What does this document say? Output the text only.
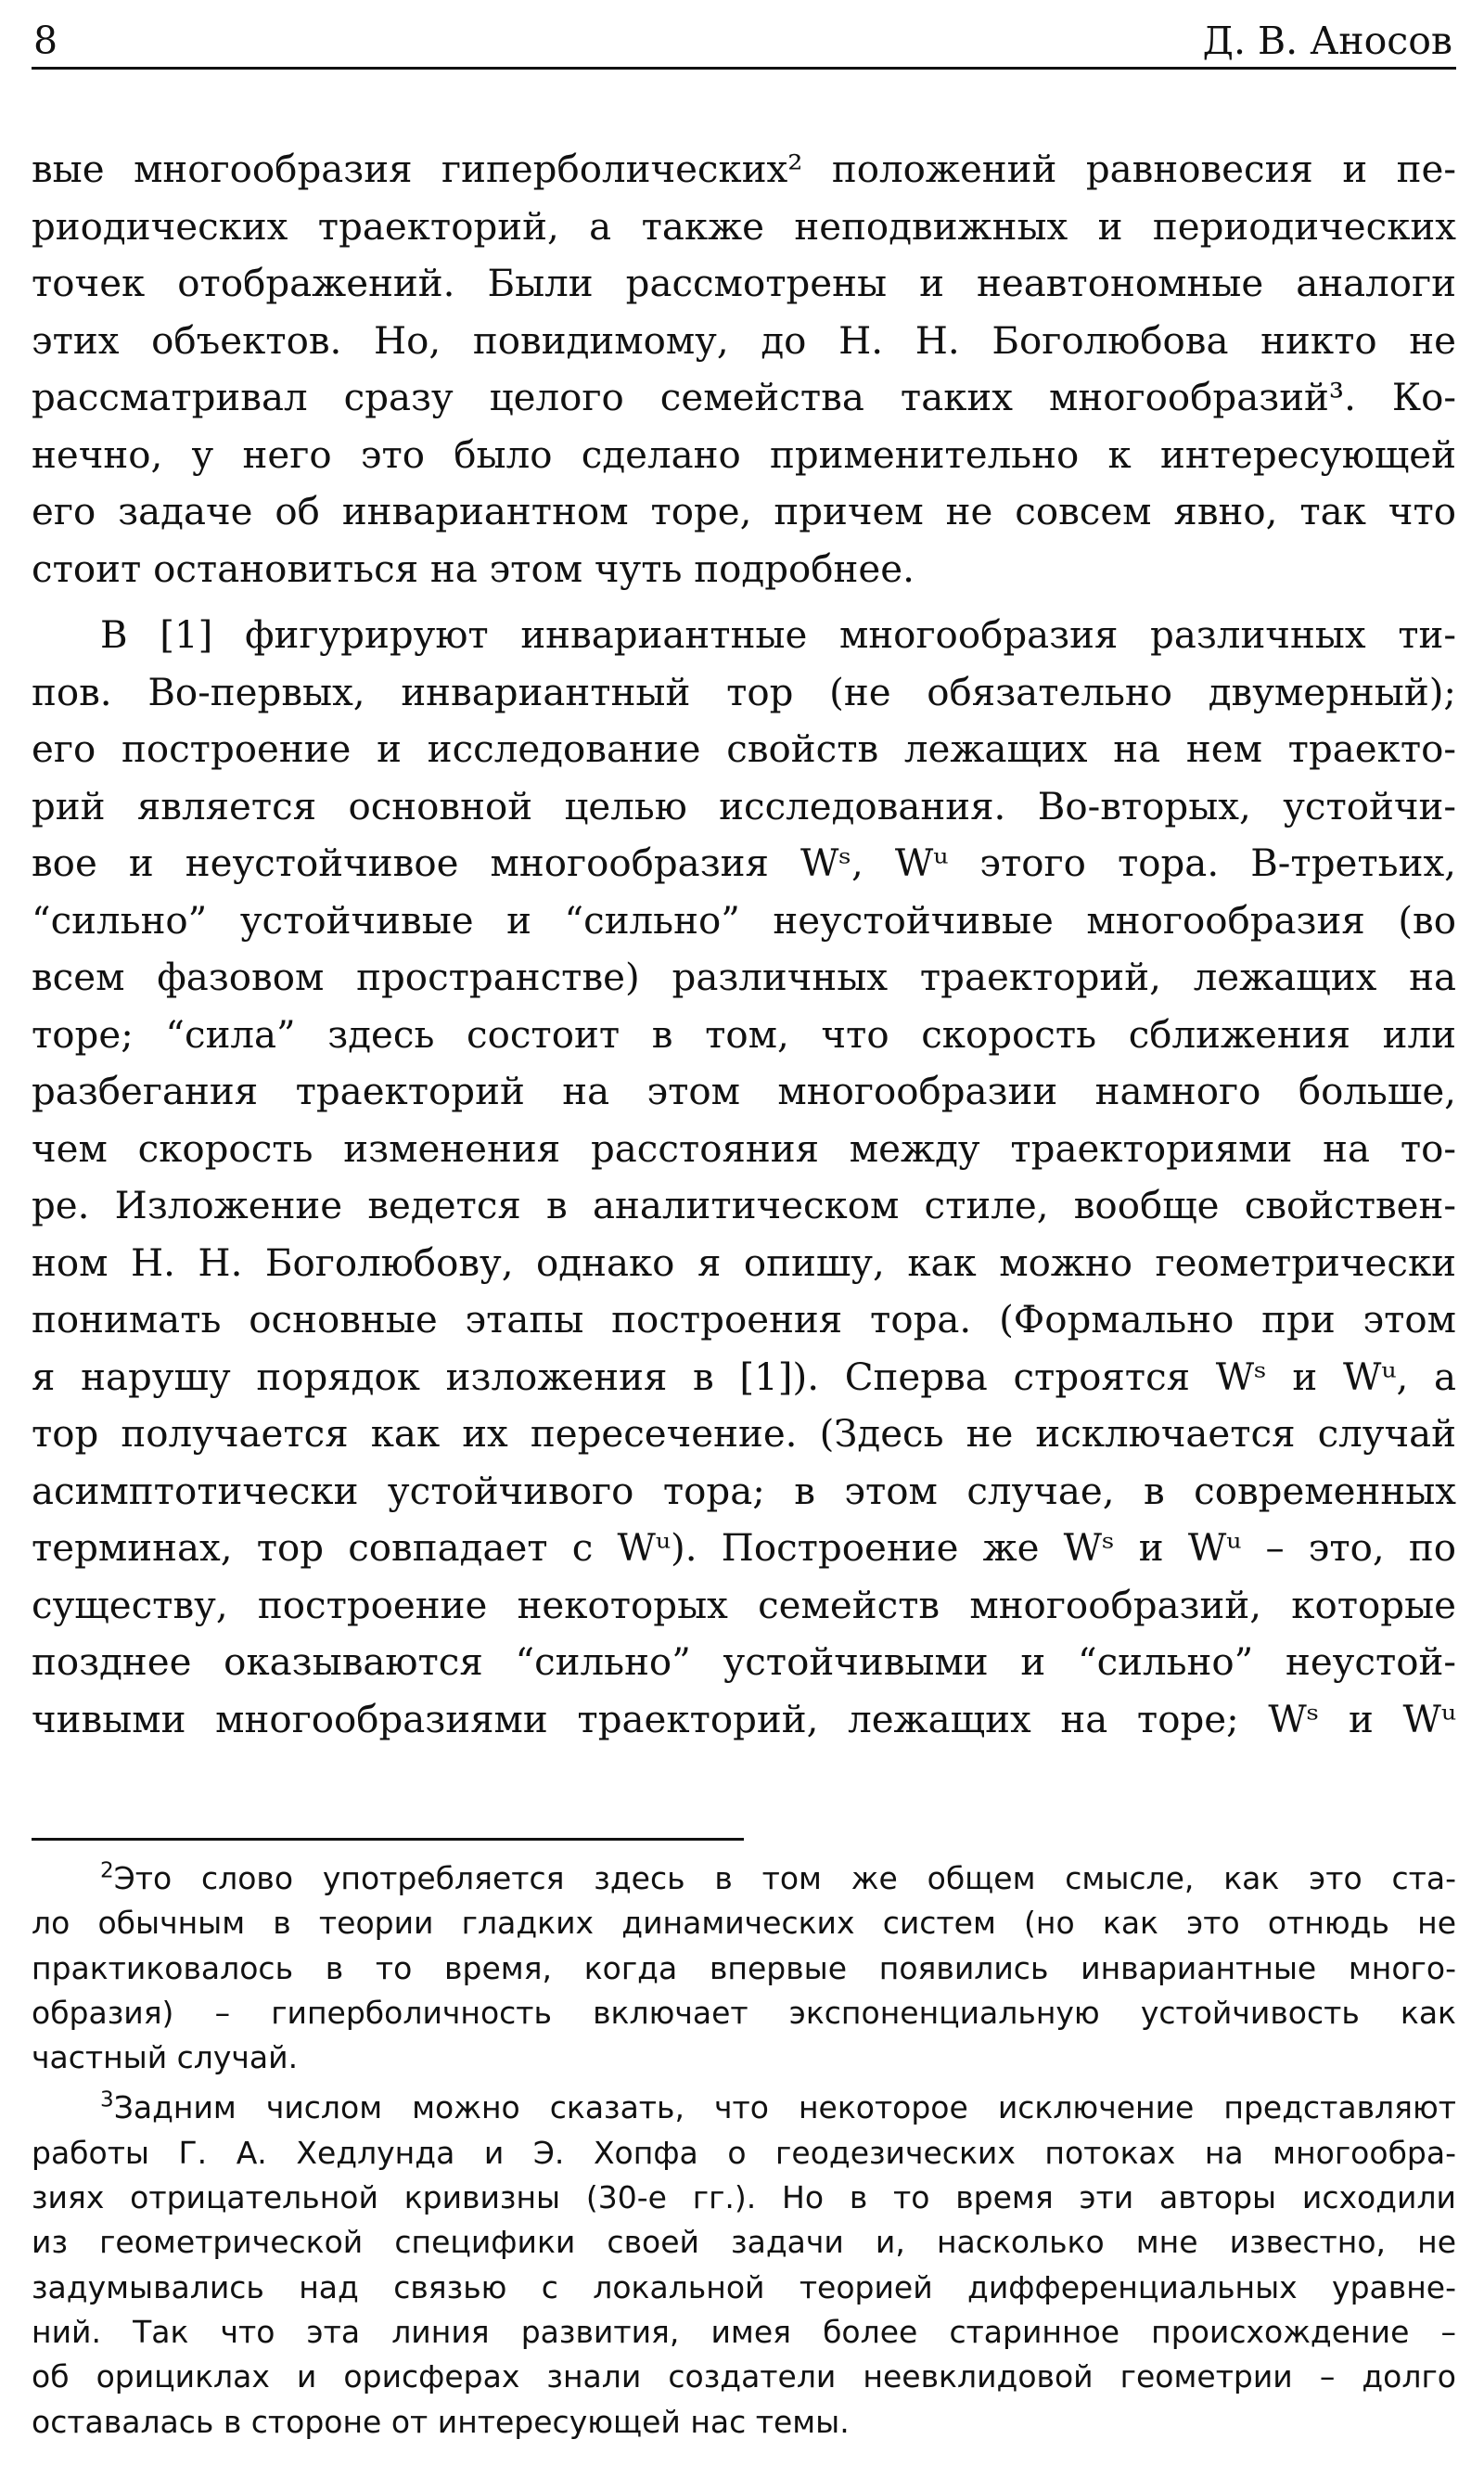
8	Д. В. Аносов

вые многообразия гиперболических² положений равновесия и пе-
риодических траекторий, а также неподвижных и периодических
точек отображений. Были рассмотрены и неавтономные аналоги
этих объектов. Но, повидимому, до Н. Н. Боголюбова никто не
рассматривал сразу целого семейства таких многообразий³. Ко-
нечно, у него это было сделано применительно к интересующей
его задаче об инвариантном торе, причем не совсем явно, так что
стоит остановиться на этом чуть подробнее.

В [1] фигурируют инвариантные многообразия различных ти-
пов. Во-первых, инвариантный тор (не обязательно двумерный);
его построение и исследование свойств лежащих на нем траекто-
рий является основной целью исследования. Во-вторых, устойчи-
вое и неустойчивое многообразия Wˢ, Wᵘ этого тора. В-третьих,
“сильно” устойчивые и “сильно” неустойчивые многообразия (во
всем фазовом пространстве) различных траекторий, лежащих на
торе; “сила” здесь состоит в том, что скорость сближения или
разбегания траекторий на этом многообразии намного больше,
чем скорость изменения расстояния между траекториями на то-
ре. Изложение ведется в аналитическом стиле, вообще свойствен-
ном Н. Н. Боголюбову, однако я опишу, как можно геометрически
понимать основные этапы построения тора. (Формально при этом
я нарушу порядок изложения в [1]). Сперва строятся Wˢ и Wᵘ, а
тор получается как их пересечение. (Здесь не исключается случай
асимптотически устойчивого тора; в этом случае, в современных
терминах, тор совпадает с Wᵘ). Построение же Wˢ и Wᵘ – это, по
существу, построение некоторых семейств многообразий, которые
позднее оказываются “сильно” устойчивыми и “сильно” неустой-
чивыми многообразиями траекторий, лежащих на торе; Wˢ и Wᵘ

$^2$Это слово употребляется здесь в том же общем смысле, как это ста-
ло обычным в теории гладких динамических систем (но как это отнюдь не
практиковалось в то время, когда впервые появились инвариантные много-
образия) – гиперболичность включает экспоненциальную устойчивость как
частный случай.

$^3$Задним числом можно сказать, что некоторое исключение представляют
работы Г. А. Хедлунда и Э. Хопфа о геодезических потоках на многообра-
зиях отрицательной кривизны (30-е гг.). Но в то время эти авторы исходили
из геометрической специфики своей задачи и, насколько мне известно, не
задумывались над связью с локальной теорией дифференциальных уравне-
ний. Так что эта линия развития, имея более старинное происхождение –
об орициклах и орисферах знали создатели неевклидовой геометрии – долго
оставалась в стороне от интересующей нас темы.
